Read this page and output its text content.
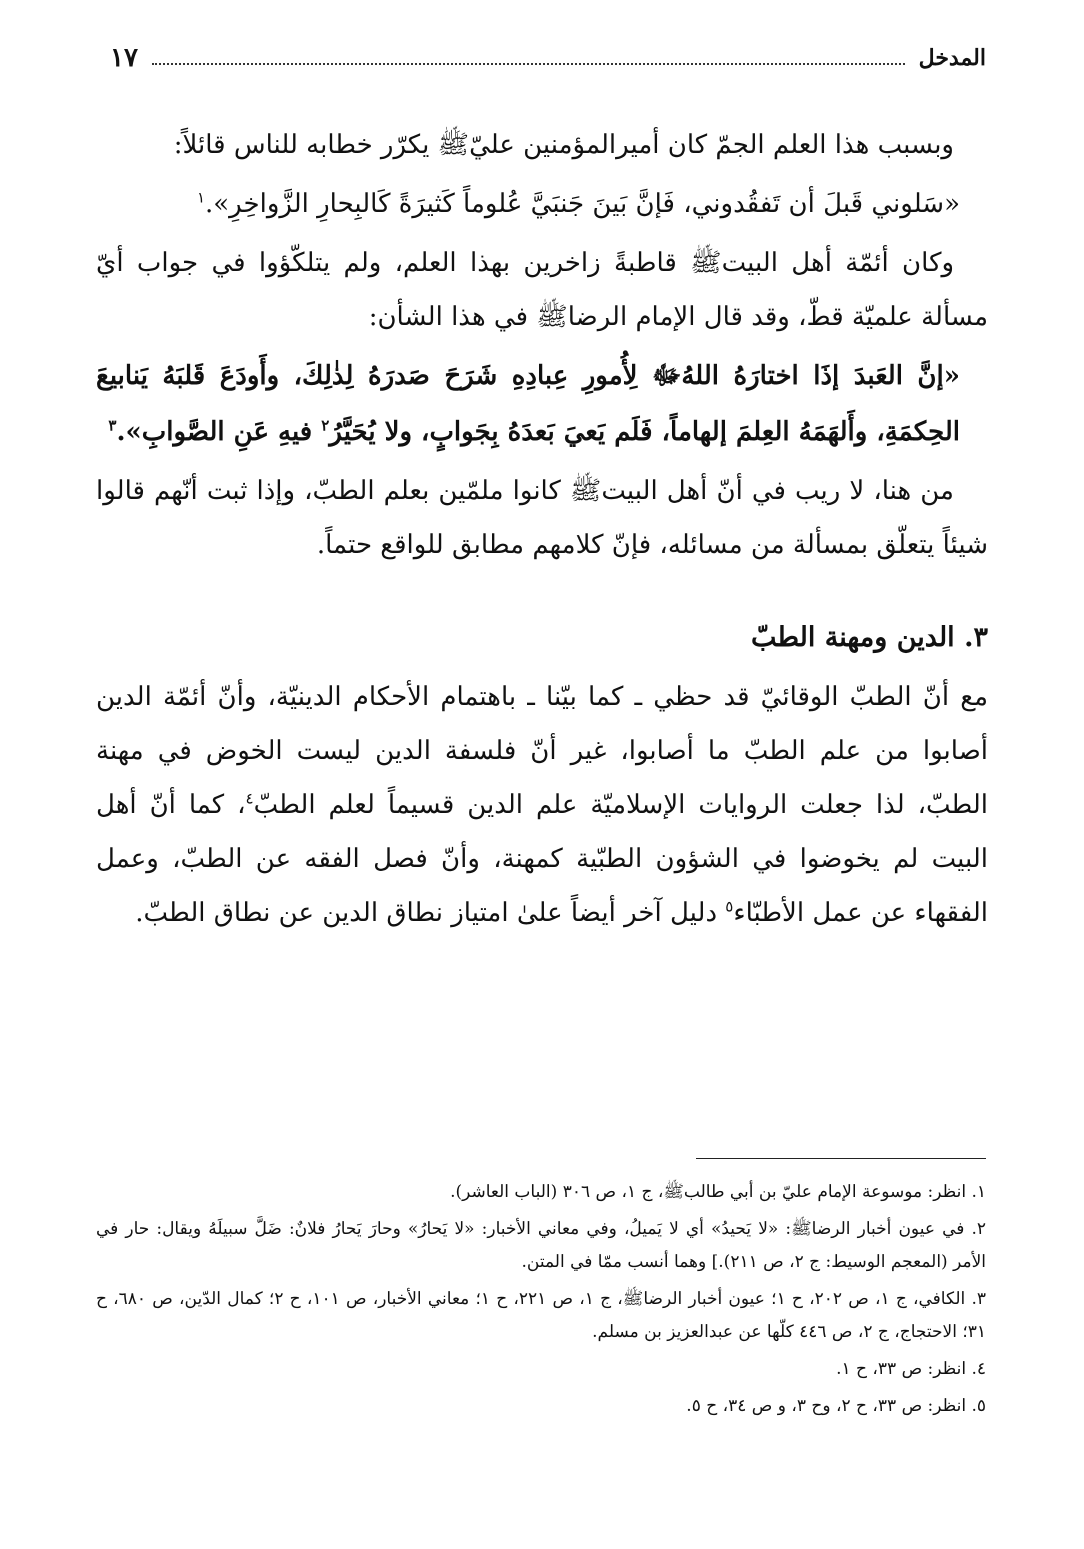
المدخل
١٧

وبسبب هذا العلم الجمّ كان أميرالمؤمنين عليّﷺ يكرّر خطابه للناس قائلاً:

«سَلوني قَبلَ أن تَفقُدوني، فَإنَّ بَينَ جَنبَيَّ عُلوماً كَثيرَةً كَالبِحارِ الزَّواخِرِ».$^١$

وكان أئمّة أهل البيتﷺ قاطبةً زاخرين بهذا العلم، ولم يتلكّؤوا في جواب أيّ مسألة علميّة قطّ، وقد قال الإمام الرضاﷺ في هذا الشأن:

«إنَّ العَبدَ إذَا اختارَهُ اللهُﷻ لِأُمورِ عِبادِهِ شَرَحَ صَدرَهُ لِذٰلِكَ، وأَودَعَ قَلبَهُ يَنابيعَ الحِكمَةِ، وأَلهَمَهُ العِلمَ إلهاماً، فَلَم يَعيَ بَعدَهُ بِجَوابٍ، ولا يُحَيَّرُ$^٢$ فيهِ عَنِ الصَّوابِ».$^٣$

من هنا، لا ريب في أنّ أهل البيتﷺ كانوا ملمّين بعلم الطبّ، وإذا ثبت أنّهم قالوا شيئاً يتعلّق بمسألة من مسائله، فإنّ كلامهم مطابق للواقع حتماً.

٣. الدين ومهنة الطبّ

مع أنّ الطبّ الوقائيّ قد حظي ـ كما بيّنا ـ باهتمام الأحكام الدينيّة، وأنّ أئمّة الدين أصابوا من علم الطبّ ما أصابوا، غير أنّ فلسفة الدين ليست الخوض في مهنة الطبّ، لذا جعلت الروايات الإسلاميّة علم الدين قسيماً لعلم الطبّ$^٤$، كما أنّ أهل البيت لم يخوضوا في الشؤون الطبّية كمهنة، وأنّ فصل الفقه عن الطبّ، وعمل الفقهاء عن عمل الأطبّاء$^٥$ دليل آخر أيضاً علىٰ امتياز نطاق الدين عن نطاق الطبّ.

١. انظر: موسوعة الإمام عليّ بن أبي طالبﷺ، ج ١، ص ٣٠٦ (الباب العاشر).

٢. في عيون أخبار الرضاﷺ: «لا يَحيدُ» أي لا يَميلُ، وفي معاني الأخبار: «لا يَحارُ» وحارَ يَحارُ فلانٌ: ضَلَّ سبيلَهُ ويقال: حار في الأمر (المعجم الوسيط: ج ٢، ص ٢١١).] وهما أنسب ممّا في المتن.

٣. الكافي، ج ١، ص ٢٠٢، ح ١؛ عيون أخبار الرضاﷺ، ج ١، ص ٢٢١، ح ١؛ معاني الأخبار، ص ١٠١، ح ٢؛ كمال الدّين، ص ٦٨٠، ح ٣١؛ الاحتجاج، ج ٢، ص ٤٤٦ كلّها عن عبدالعزيز بن مسلم.

٤. انظر: ص ٣٣، ح ١.

٥. انظر: ص ٣٣، ح ٢، وح ٣، و ص ٣٤، ح ٥.
